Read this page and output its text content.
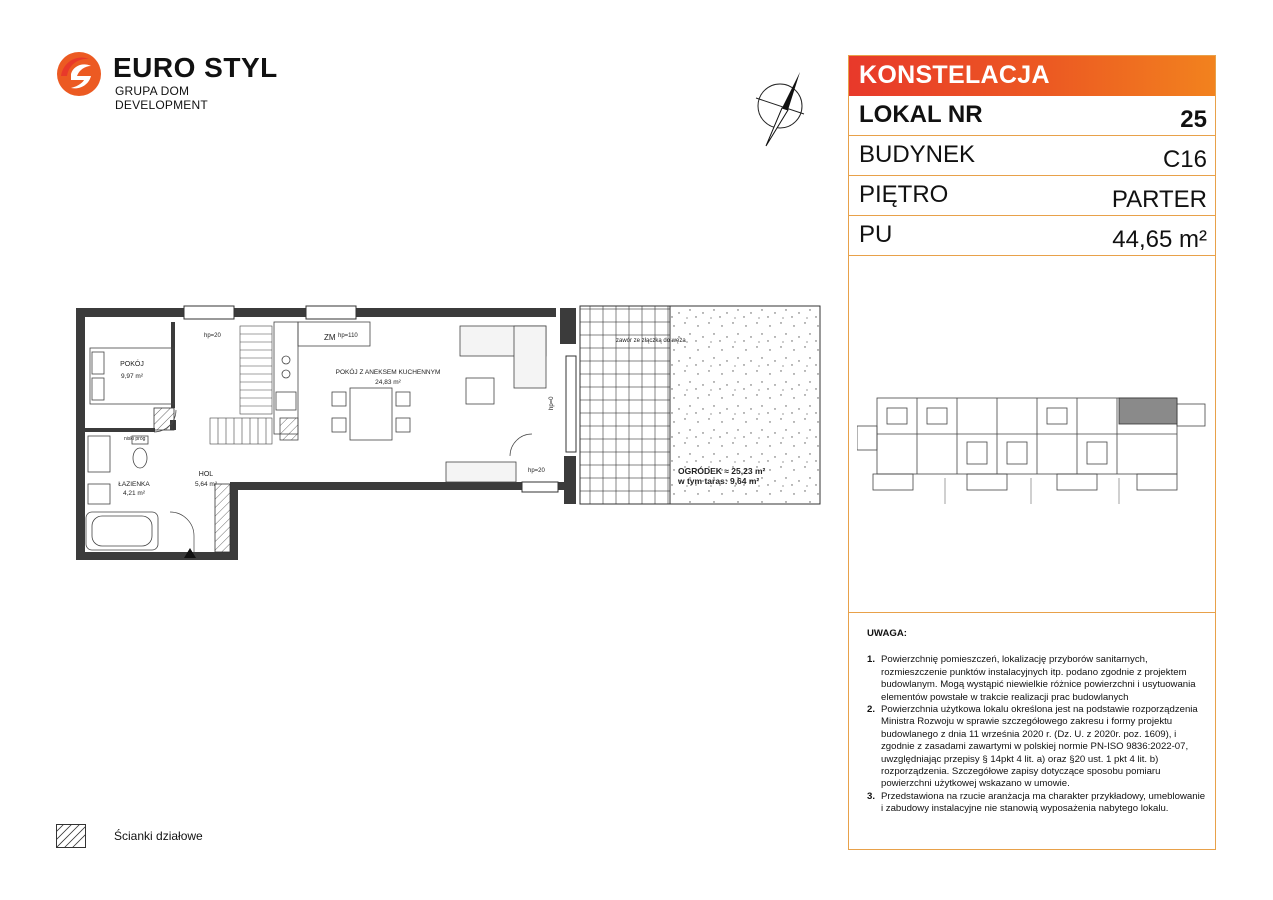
EURO STYL
GRUPA DOM DEVELOPMENT
POKÓJ
9,97 m²
POKÓJ Z ANEKSEM KUCHENNYM
24,83 m²
HOL
5,64 m²
ŁAZIENKA
4,21 m²
OGRÓDEK ≈ 25,23 m²
w tym taras: 9,64 m²
hp=20	ZM hp=110
hp=0
hp=20
niski próg
zawór ze złączką do węża
Ścianki działowe
KONSTELACJA
LOKAL NR	25
BUDYNEK	C16
PIĘTRO	PARTER
PU	44,65 m²
UWAGA:
1. Powierzchnię pomieszczeń, lokalizację przyborów sanitarnych, rozmieszczenie punktów instalacyjnych itp. podano zgodnie z projektem budowlanym. Mogą wystąpić niewielkie różnice powierzchni i usytuowania elementów powstałe w trakcie realizacji prac budowlanych
2. Powierzchnia użytkowa lokalu określona jest na podstawie rozporządzenia Ministra Rozwoju w sprawie szczegółowego zakresu i formy projektu budowlanego z dnia 11 września 2020 r. (Dz. U. z 2020r. poz. 1609), i zgodnie z zasadami zawartymi w polskiej normie PN-ISO 9836:2022-07, uwzględniając przepisy § 14pkt 4 lit. a) oraz §20 ust. 1 pkt 4 lit. b) rozporządzenia. Szczegółowe zapisy dotyczące sposobu pomiaru powierzchni użytkowej wskazano w umowie.
3. Przedstawiona na rzucie aranżacja ma charakter przykładowy, umeblowanie i zabudowy instalacyjne nie stanowią wyposażenia nabytego lokalu.
